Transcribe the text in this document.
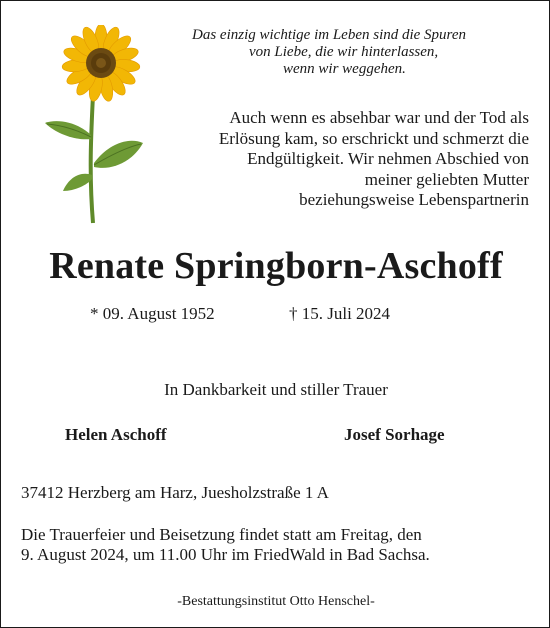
Das einzig wichtige im Leben sind die Spuren
von Liebe, die wir hinterlassen,
wenn wir weggehen.
Auch wenn es absehbar war und der Tod als
Erlösung kam, so erschrickt und schmerzt die
Endgültigkeit. Wir nehmen Abschied von
meiner geliebten Mutter
beziehungsweise Lebenspartnerin
Renate Springborn-Aschoff
* 09. August 1952	† 15. Juli 2024
In Dankbarkeit und stiller Trauer
Helen Aschoff	Josef Sorhage
37412 Herzberg am Harz, Juesholzstraße 1 A
Die Trauerfeier und Beisetzung findet statt am Freitag, den
9. August 2024, um 11.00 Uhr im FriedWald in Bad Sachsa.
-Bestattungsinstitut Otto Henschel-
